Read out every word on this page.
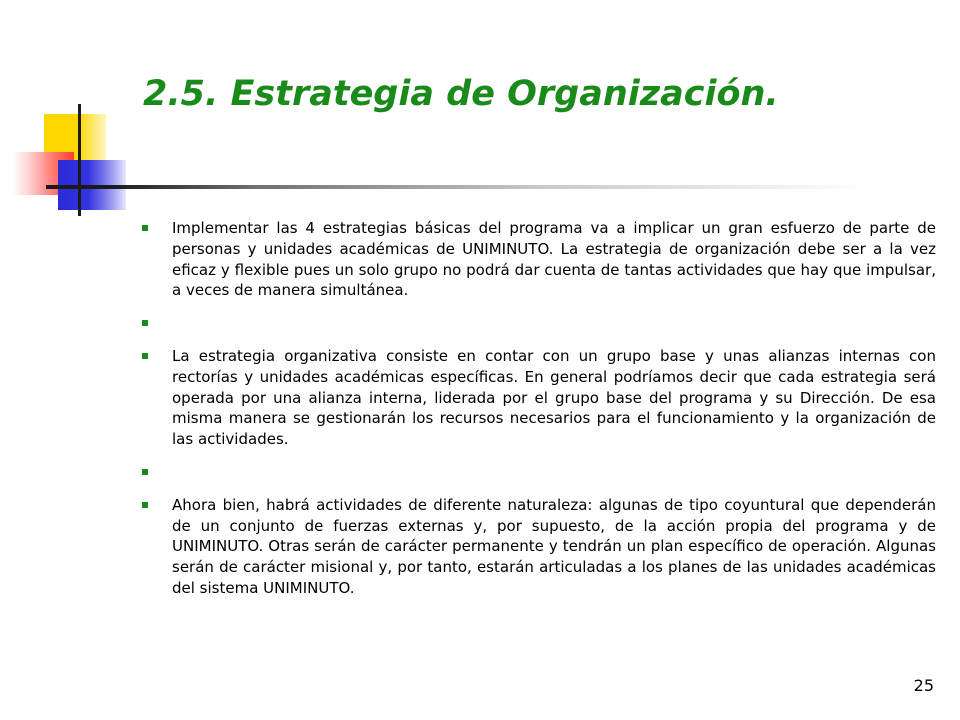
2.5. Estrategia de Organización.
Implementar las 4 estrategias básicas del programa va a implicar un gran esfuerzo de parte de personas y unidades académicas de UNIMINUTO. La estrategia de organización debe ser a la vez eficaz y flexible pues un solo grupo no podrá dar cuenta de tantas actividades que hay que impulsar, a veces de manera simultánea.
La estrategia organizativa consiste en contar con un grupo base y unas alianzas internas con rectorías y unidades académicas específicas. En general podríamos decir que cada estrategia será operada por una alianza interna, liderada por el grupo base del programa y su Dirección. De esa misma manera se gestionarán los recursos necesarios para el funcionamiento y la organización de las actividades.
Ahora bien, habrá actividades de diferente naturaleza: algunas de tipo coyuntural que dependerán de un conjunto de fuerzas externas y, por supuesto, de la acción propia del programa y de UNIMINUTO. Otras serán de carácter permanente y tendrán un plan específico de operación. Algunas serán de carácter misional y, por tanto, estarán articuladas a los planes de las unidades académicas del sistema UNIMINUTO.
25
